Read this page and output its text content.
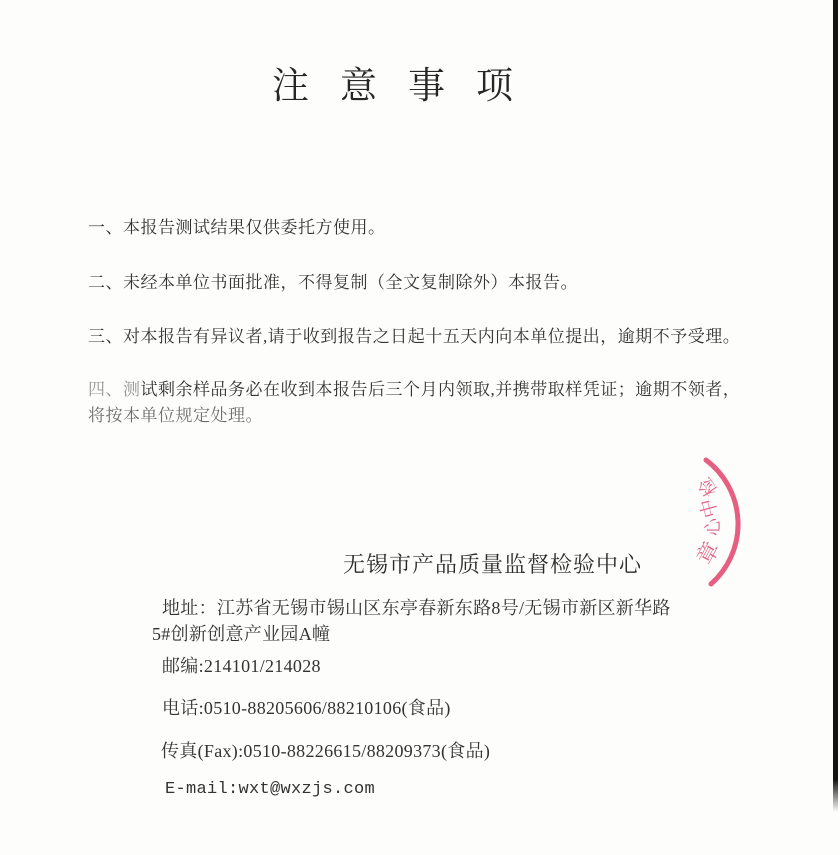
注意事项
一、本报告测试结果仅供委托方使用。
二、未经本单位书面批准，不得复制（全文复制除外）本报告。
三、对本报告有异议者,请于收到报告之日起十五天内向本单位提出，逾期不予受理。
四、测试剩余样品务必在收到本报告后三个月内领取,并携带取样凭证；逾期不领者，
将按本单位规定处理。
无锡市产品质量监督检验中心
地址：江苏省无锡市锡山区东亭春新东路8号/无锡市新区新华路
5#创新创意产业园A幢
邮编:214101/214028
电话:0510-88205606/88210106(食品)
传真(Fax):0510-88226615/88209373(食品)
E-mail:wxt@wxzjs.com
检
中
心
章
